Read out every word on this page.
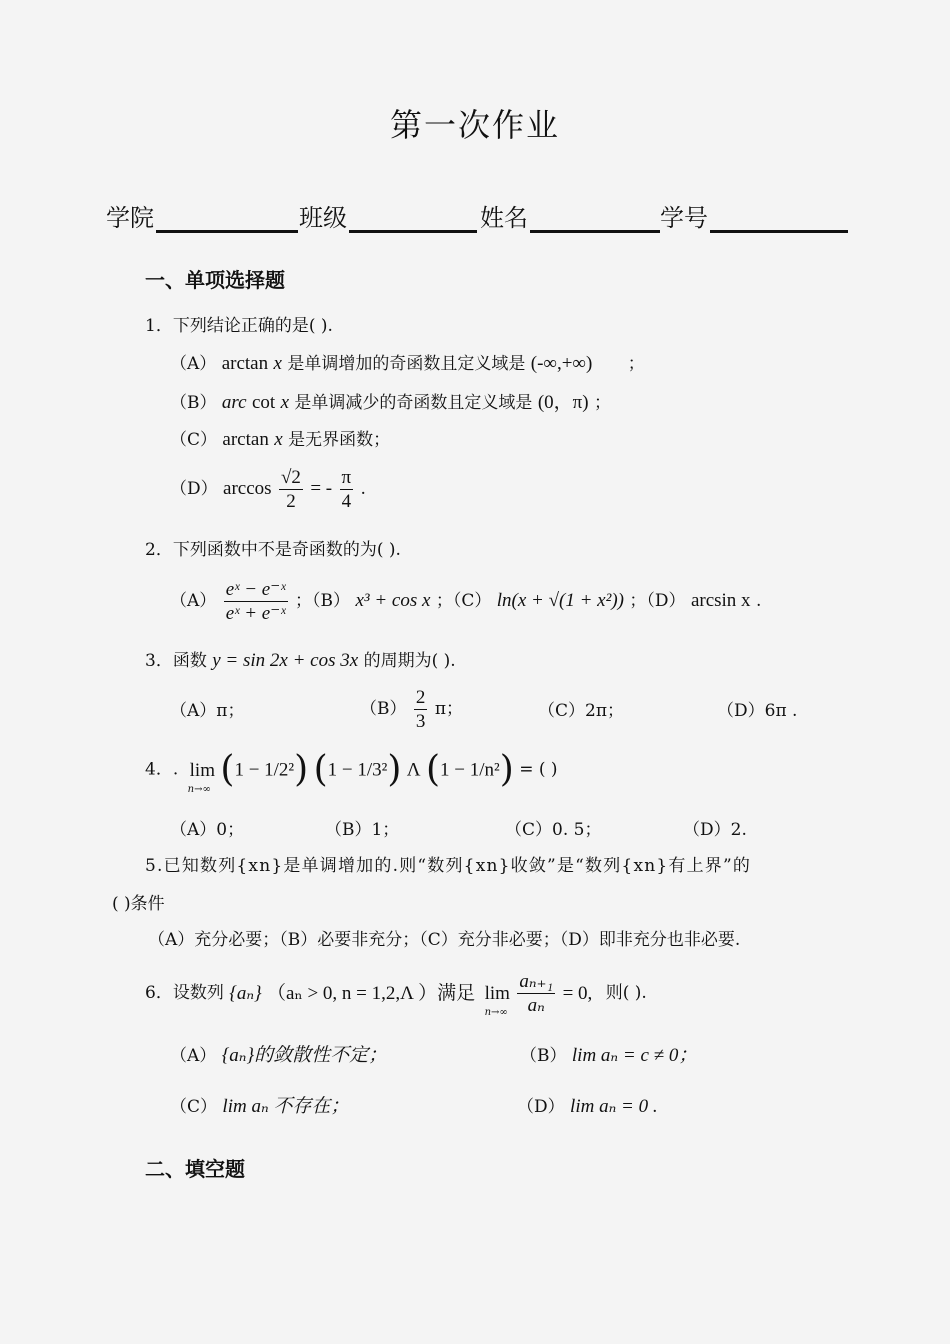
第一次作业
学院	班级	姓名	学号
一、单项选择题
1．下列结论正确的是( ).
（A） arctan x 是单调增加的奇函数且定义域是 (-∞,+∞) ；
（B） arc cot x 是单调减少的奇函数且定义域是 (0，π) ；
（C） arctan x 是无界函数；
（D） $\arccos \frac{√2}{2}$ = - $\frac{\pi}{4}$ .
2．下列函数中不是奇函数的为( ).
$(A) \frac{\text{eˣ − e⁻ˣ}}{\text{eˣ + e⁻ˣ}}$ ；（B） x³ + cos x ；（C） ln(x + √(1 + x²)) ；（D） arcsin x .
3．函数 y = sin 2x + cos 3x 的周期为( ).
（A）π；	$(B) \frac{2}{3}$ π；	（C）2π；	（D）6π .
4．. lim
n→∞ (1 − 1/2²) (1 − 1/3²) Λ (1 − 1/n²) = ( )
（A）0；	（B）1；	（C）0. 5；	（D）2.
5.已知数列{xn}是单调增加的.则“数列{xn}收敛”是“数列{xn}有上界”的
( )条件
（A）充分必要；（B）必要非充分；（C）充分非必要；（D）即非充分也非必要.
6．设数列 {aₙ} （aₙ > 0, n = 1,2,Λ ）满足 lim
n→∞
$\frac{\text{aₙ₊₁}}{\text{aₙ}} = 0$, 则( ).
（A） {aₙ}的敛散性不定；	（B） lim aₙ = c ≠ 0；
（C） lim aₙ 不存在；	（D） lim aₙ = 0 .
二、填空题
